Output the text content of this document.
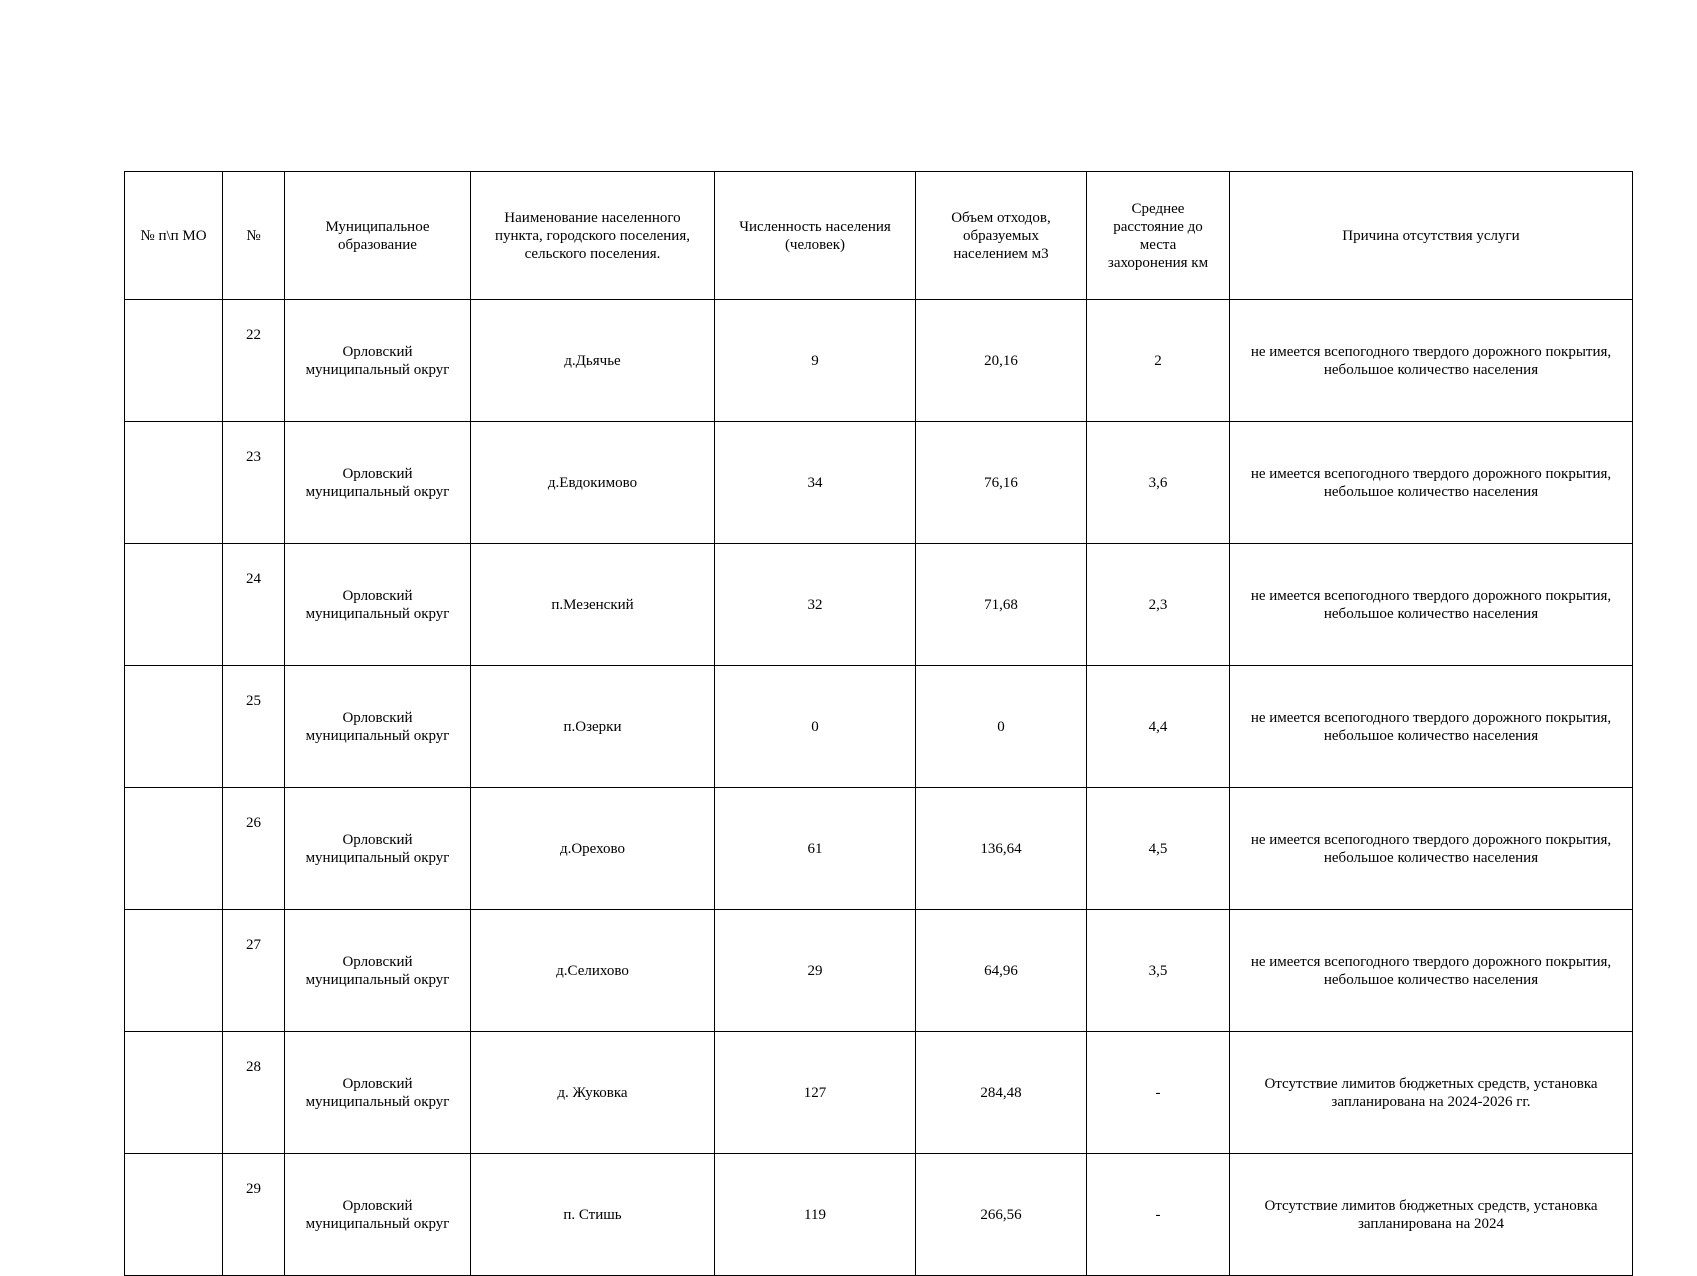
№ п\п МО	№	Муниципальное
образование	Наименование населенного
пункта, городского поселения,
сельского поселения.	Численность населения
(человек)	Объем отходов,
образуемых
населением м3	Среднее
расстояние до
места
захоронения км	Причина отсутствия услуги
	22	Орловский муниципальный округ	д.Дьячье	9	20,16	2	не имеется всепогодного твердого дорожного покрытия, небольшое количество населения
	23	Орловский муниципальный округ	д.Евдокимово	34	76,16	3,6	не имеется всепогодного твердого дорожного покрытия, небольшое количество населения
	24	Орловский муниципальный округ	п.Мезенский	32	71,68	2,3	не имеется всепогодного твердого дорожного покрытия, небольшое количество населения
	25	Орловский муниципальный округ	п.Озерки	0	0	4,4	не имеется всепогодного твердого дорожного покрытия, небольшое количество населения
	26	Орловский муниципальный округ	д.Орехово	61	136,64	4,5	не имеется всепогодного твердого дорожного покрытия, небольшое количество населения
	27	Орловский муниципальный округ	д.Селихово	29	64,96	3,5	не имеется всепогодного твердого дорожного покрытия, небольшое количество населения
	28	Орловский муниципальный округ	д. Жуковка	127	284,48	-	Отсутствие лимитов бюджетных средств, установка запланирована на 2024-2026 гг.
	29	Орловский муниципальный округ	п. Стишь	119	266,56	-	Отсутствие лимитов бюджетных средств, установка запланирована на 2024
